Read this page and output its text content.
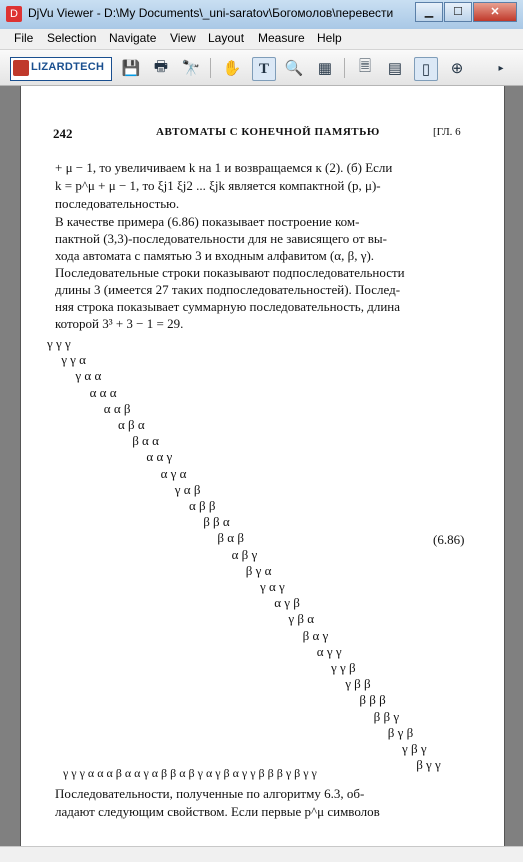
D DjVu Viewer - D:\My Documents\_uni-saratov\Богомолов\перевести	▁	☐	✕
File Selection Navigate View Layout Measure Help
LIZARDTECH 💾 🖶 🔭 ✋ T 🔍 ▦	🗏	▤	▯	⊕	▸
242	АВТОМАТЫ С КОНЕЧНОЙ ПАМЯТЬЮ	[ГЛ. 6
+ μ − 1, то увеличиваем k на 1 и возвращаемся к (2). (б) Если
k = p^μ + μ − 1, то ξj1 ξj2 ... ξjk является компактной (p, μ)-
последовательностью.
В качестве примера (6.86) показывает построение ком-
пактной (3,3)-последовательности для не зависящего от вы-
хода автомата с памятью 3 и входным алфавитом (α, β, γ).
Последовательные строки показывают подпоследовательности
длины 3 (имеется 27 таких подпоследовательностей). Послед-
няя строка показывает суммарную последовательность, длина
которой 3³ + 3 − 1 = 29.
γ γ γ
γ γ α
γ α α
α α α
α α β
α β α
β α α
α α γ
α γ α
γ α β
α β β
β β α
β α β
α β γ
β γ α
γ α γ
α γ β
γ β α
β α γ
α γ γ
γ γ β
γ β β
β β β
β β γ
β γ β
γ β γ
β γ γ
(6.86)
γ γ γ α α α β α α γ α β β α β γ α γ β α γ γ β β β γ β γ γ
Последовательности, полученные по алгоритму 6.3, об-
ладают следующим свойством. Если первые p^μ символов
